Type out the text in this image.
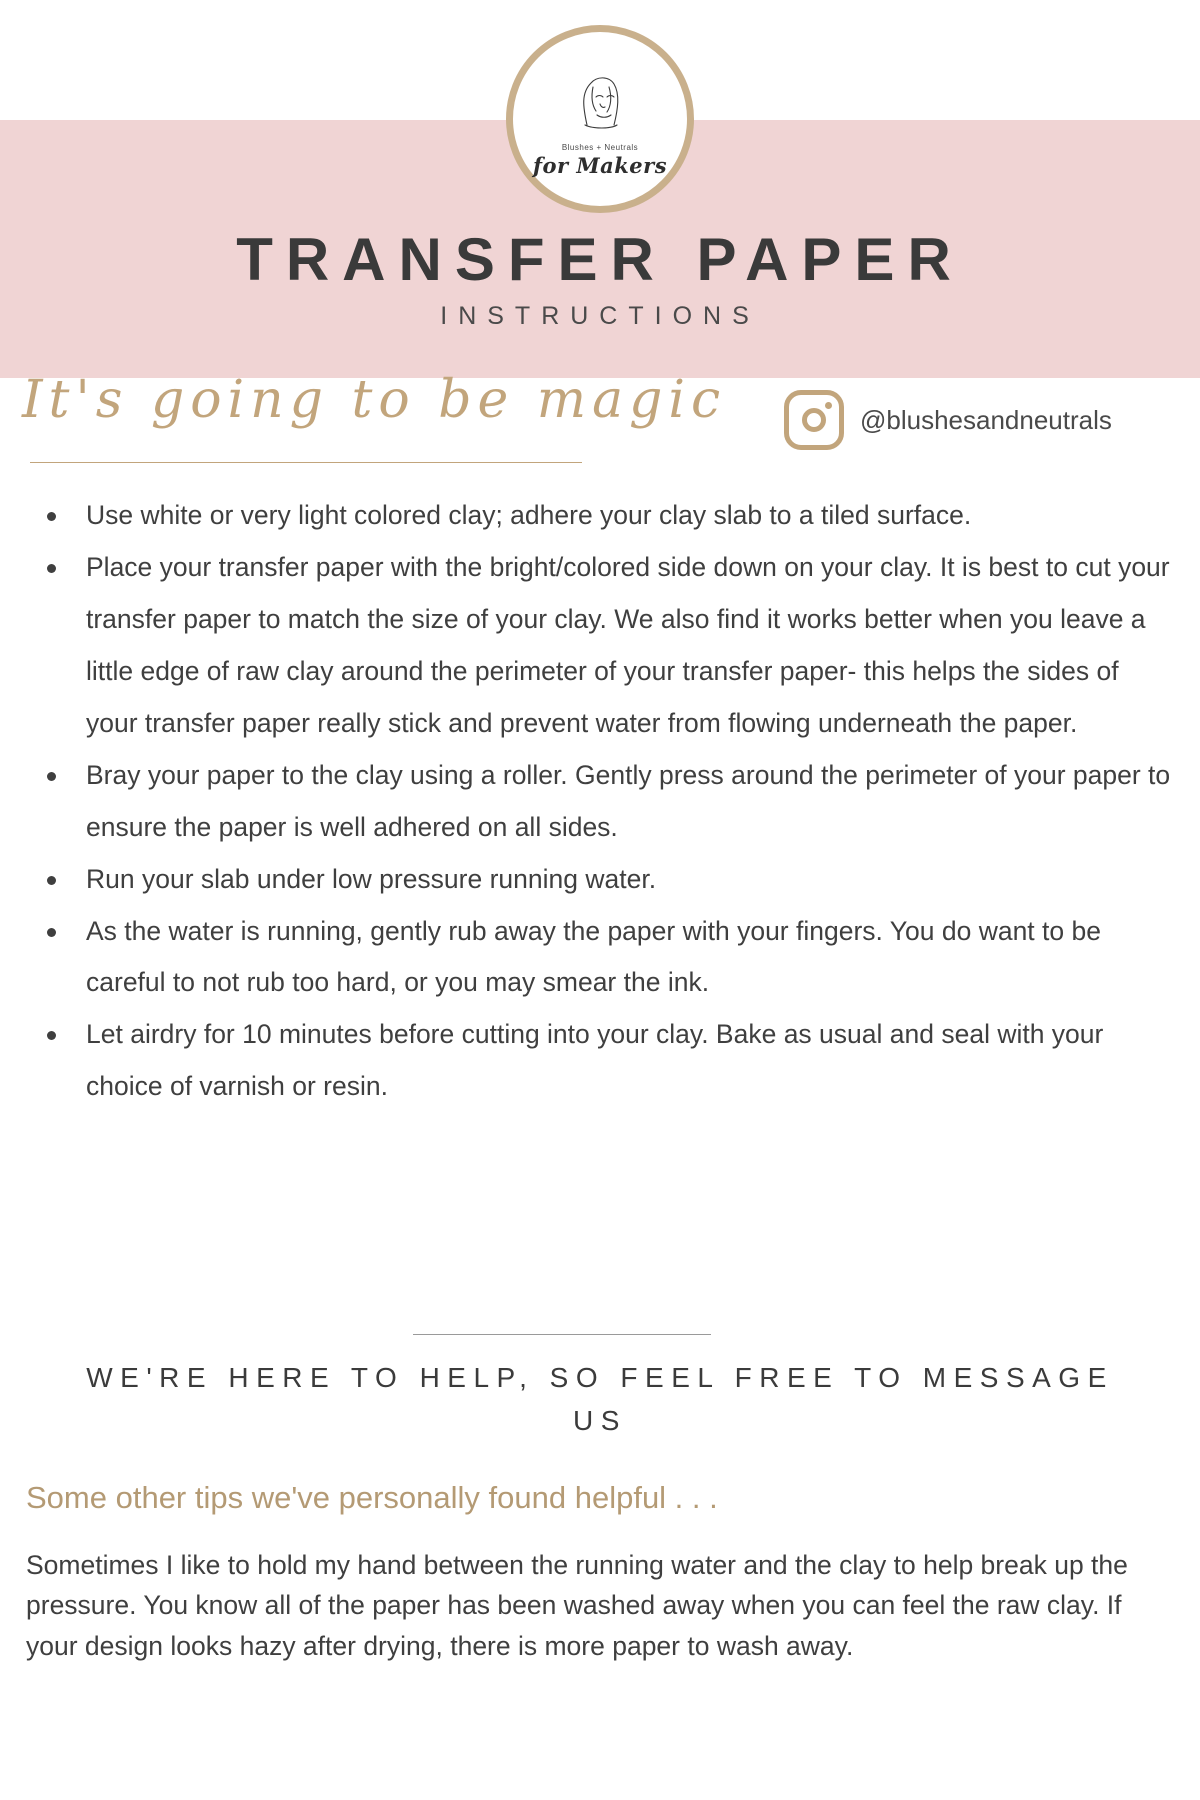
Blushes + Neutrals
for Makers
TRANSFER PAPER
INSTRUCTIONS
It's going to be magic	@blushesandneutrals
Use white or very light colored clay; adhere your clay slab to a tiled surface.
Place your transfer paper with the bright/colored side down on your clay. It is best to cut your transfer paper to match the size of your clay. We also find it works better when you leave a little edge of raw clay around the perimeter of your transfer paper- this helps the sides of your transfer paper really stick and prevent water from flowing underneath the paper.
Bray your paper to the clay using a roller. Gently press around the perimeter of your paper to ensure the paper is well adhered on all sides.
Run your slab under low pressure running water.
As the water is running, gently rub away the paper with your fingers. You do want to be careful to not rub too hard, or you may smear the ink.
Let airdry for 10 minutes before cutting into your clay. Bake as usual and seal with your choice of varnish or resin.
WE'RE HERE TO HELP, SO FEEL FREE TO MESSAGE US
Some other tips we've personally found helpful . . .
Sometimes I like to hold my hand between the running water and the clay to help break up the pressure. You know all of the paper has been washed away when you can feel the raw clay. If your design looks hazy after drying, there is more paper to wash away.
